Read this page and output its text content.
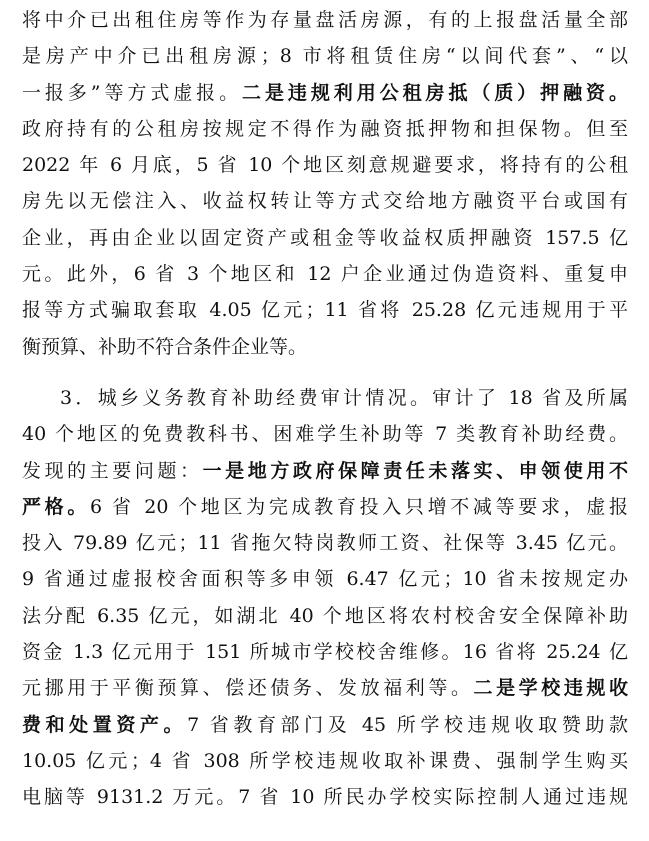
将中介已出租住房等作为存量盘活房源，有的上报盘活量全部
是房产中介已出租房源；8 市将租赁住房“以间代套”、“以
一报多”等方式虚报。二是违规利用公租房抵（质）押融资。
政府持有的公租房按规定不得作为融资抵押物和担保物。但至
2022 年 6 月底，5 省 10 个地区刻意规避要求，将持有的公租
房先以无偿注入、收益权转让等方式交给地方融资平台或国有
企业，再由企业以固定资产或租金等收益权质押融资 157.5 亿
元。此外，6 省 3 个地区和 12 户企业通过伪造资料、重复申
报等方式骗取套取 4.05 亿元；11 省将 25.28 亿元违规用于平
衡预算、补助不符合条件企业等。
3．城乡义务教育补助经费审计情况。审计了 18 省及所属
40 个地区的免费教科书、困难学生补助等 7 类教育补助经费。
发现的主要问题：一是地方政府保障责任未落实、申领使用不
严格。6 省 20 个地区为完成教育投入只增不减等要求，虚报
投入 79.89 亿元；11 省拖欠特岗教师工资、社保等 3.45 亿元。
9 省通过虚报校舍面积等多申领 6.47 亿元；10 省未按规定办
法分配 6.35 亿元，如湖北 40 个地区将农村校舍安全保障补助
资金 1.3 亿元用于 151 所城市学校校舍维修。16 省将 25.24 亿
元挪用于平衡预算、偿还债务、发放福利等。二是学校违规收
费和处置资产。7 省教育部门及 45 所学校违规收取赞助款
10.05 亿元；4 省 308 所学校违规收取补课费、强制学生购买
电脑等 9131.2 万元。7 省 10 所民办学校实际控制人通过违规
